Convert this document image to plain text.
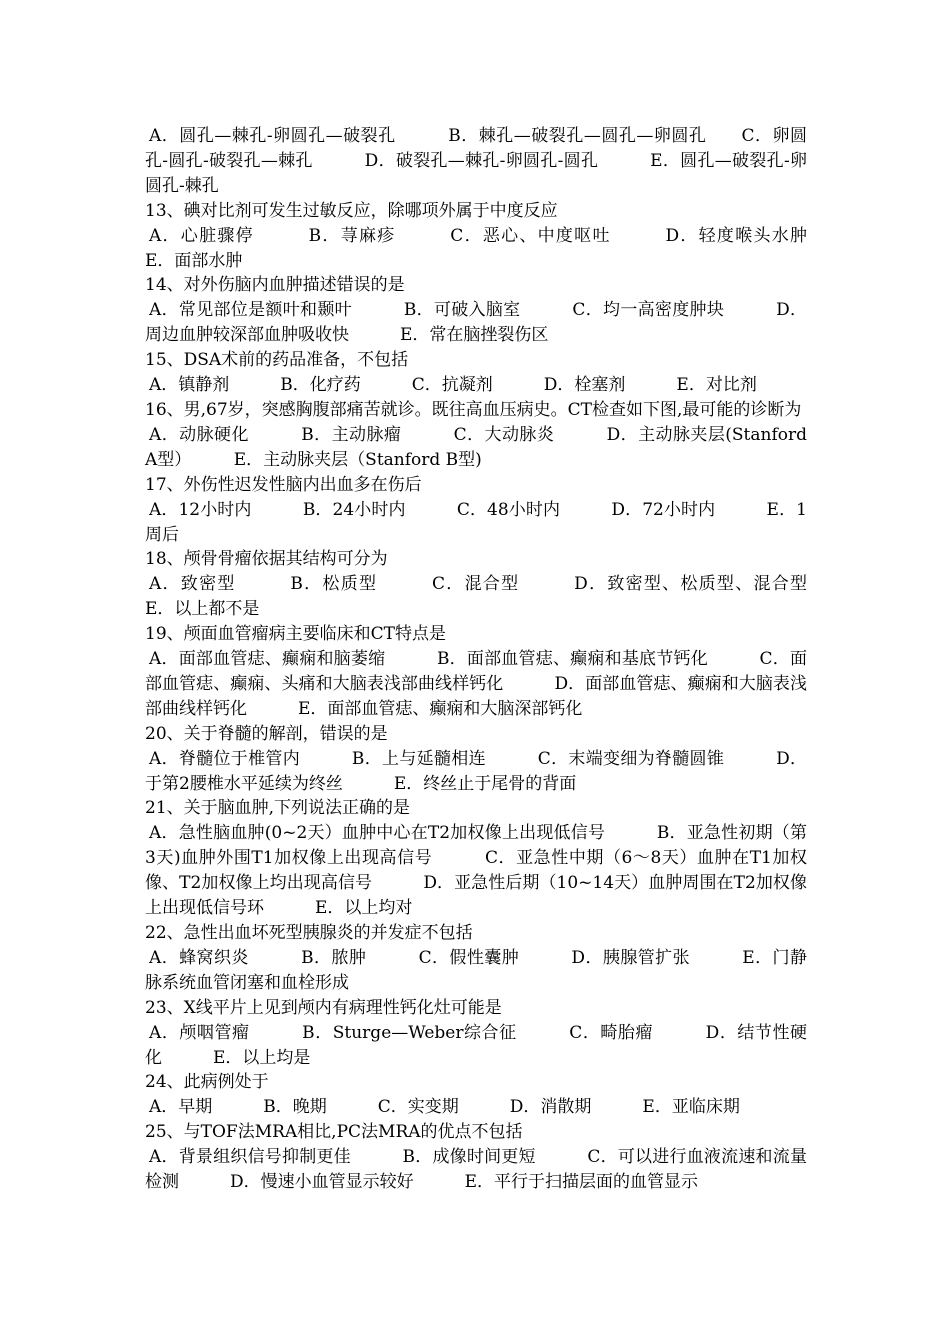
A．圆孔—棘孔-卵圆孔—破裂孔　　　B．棘孔—破裂孔—圆孔—卵圆孔　　C．卵圆孔-圆孔-破裂孔—棘孔　　　D．破裂孔—棘孔-卵圆孔-圆孔　　　E．圆孔—破裂孔-卵圆孔-棘孔

13、碘对比剂可发生过敏反应，除哪项外属于中度反应

A．心脏骤停　　　B．荨麻疹　　　C．恶心、中度呕吐　　　D．轻度喉头水肿　　　E．面部水肿

14、对外伤脑内血肿描述错误的是

A．常见部位是额叶和颞叶　　　B．可破入脑室　　　C．均一高密度肿块　　　D．周边血肿较深部血肿吸收快　　　E．常在脑挫裂伤区

15、DSA术前的药品准备，不包括

A．镇静剂　　　B．化疗药　　　C．抗凝剂　　　D．栓塞剂　　　E．对比剂

16、男,67岁，突感胸腹部痛苦就诊。既往高血压病史。CT检查如下图,最可能的诊断为

A．动脉硬化　　　B．主动脉瘤　　　C．大动脉炎　　　D．主动脉夹层(Stanford A型）　　　E．主动脉夹层（Stanford B型)

17、外伤性迟发性脑内出血多在伤后

A．12小时内　　　B．24小时内　　　C．48小时内　　　D．72小时内　　　E．1周后

18、颅骨骨瘤依据其结构可分为

A．致密型　　　B．松质型　　　C．混合型　　　D．致密型、松质型、混合型　　　E．以上都不是

19、颅面血管瘤病主要临床和CT特点是

A．面部血管痣、癫痫和脑萎缩　　　B．面部血管痣、癫痫和基底节钙化　　　C．面部血管痣、癫痫、头痛和大脑表浅部曲线样钙化　　　D．面部血管痣、癫痫和大脑表浅部曲线样钙化　　　E．面部血管痣、癫痫和大脑深部钙化

20、关于脊髓的解剖，错误的是

A．脊髓位于椎管内　　　B．上与延髓相连　　　C．末端变细为脊髓圆锥　　　D．于第2腰椎水平延续为终丝　　　E．终丝止于尾骨的背面

21、关于脑血肿,下列说法正确的是

A．急性脑血肿(0~2天）血肿中心在T2加权像上出现低信号　　　B．亚急性初期（第3天)血肿外围T1加权像上出现高信号　　　C．亚急性中期（6～8天）血肿在T1加权像、T2加权像上均出现高信号　　　D．亚急性后期（10~14天）血肿周围在T2加权像上出现低信号环　　　E．以上均对

22、急性出血坏死型胰腺炎的并发症不包括

A．蜂窝织炎　　　B．脓肿　　　C．假性囊肿　　　D．胰腺管扩张　　　E．门静脉系统血管闭塞和血栓形成

23、X线平片上见到颅内有病理性钙化灶可能是

A．颅咽管瘤　　　B．Sturge—Weber综合征　　　C．畸胎瘤　　　D．结节性硬化　　　E．以上均是

24、此病例处于

A．早期　　　B．晚期　　　C．实变期　　　D．消散期　　　E．亚临床期

25、与TOF法MRA相比,PC法MRA的优点不包括

A．背景组织信号抑制更佳　　　B．成像时间更短　　　C．可以进行血液流速和流量检测　　　D．慢速小血管显示较好　　　E．平行于扫描层面的血管显示
